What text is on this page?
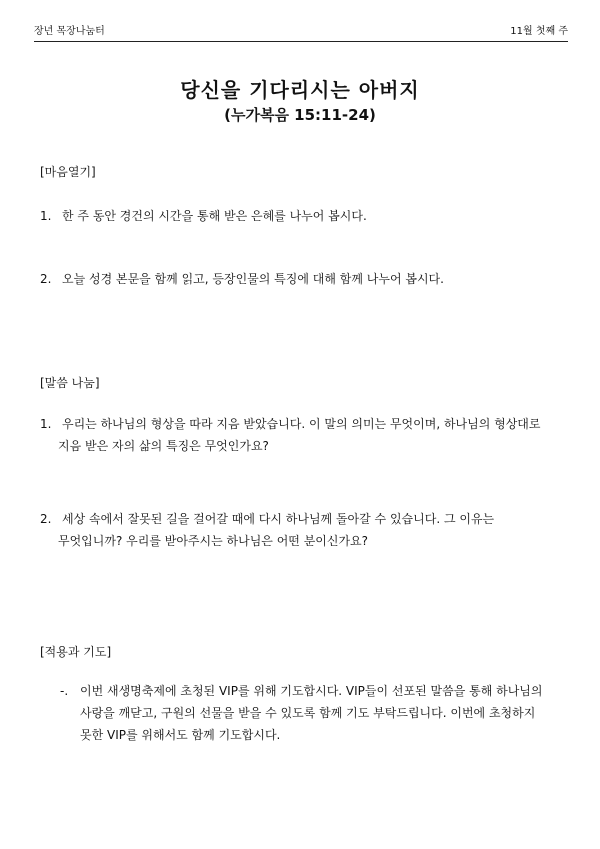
장년 목장나눔터	11월 첫째 주
당신을 기다리시는 아버지
(누가복음 15:11-24)
[마음열기]
1. 한 주 동안 경건의 시간을 통해 받은 은혜를 나누어 봅시다.
2. 오늘 성경 본문을 함께 읽고, 등장인물의 특징에 대해 함께 나누어 봅시다.
[말씀 나눔]
1. 우리는 하나님의 형상을 따라 지음 받았습니다. 이 말의 의미는 무엇이며, 하나님의 형상대로
지음 받은 자의 삶의 특징은 무엇인가요?
2. 세상 속에서 잘못된 길을 걸어갈 때에 다시 하나님께 돌아갈 수 있습니다. 그 이유는
무엇입니까? 우리를 받아주시는 하나님은 어떤 분이신가요?
[적용과 기도]
-. 이번 새생명축제에 초청된 VIP를 위해 기도합시다. VIP들이 선포된 말씀을 통해 하나님의
사랑을 깨닫고, 구원의 선물을 받을 수 있도록 함께 기도 부탁드립니다. 이번에 초청하지
못한 VIP를 위해서도 함께 기도합시다.
